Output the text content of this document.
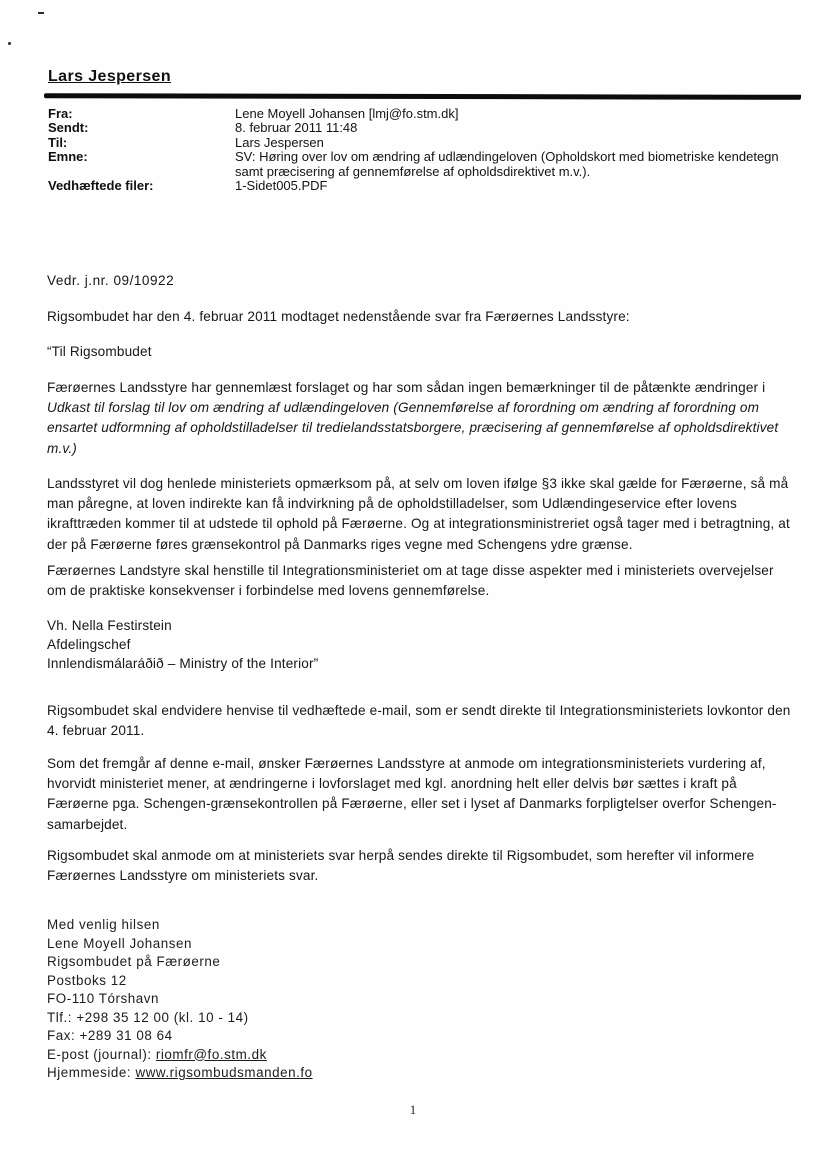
Lars Jespersen
Fra:	Lene Moyell Johansen [lmj@fo.stm.dk]
Sendt:	8. februar 2011 11:48
Til:	Lars Jespersen
Emne:	SV: Høring over lov om ændring af udlændingeloven (Opholdskort med biometriske kendetegn samt præcisering af gennemførelse af opholdsdirektivet m.v.).
Vedhæftede filer:	1-Sidet005.PDF

Vedr. j.nr. 09/10922

Rigsombudet har den 4. februar 2011 modtaget nedenstående svar fra Færøernes Landsstyre:

“Til Rigsombudet

Færøernes Landsstyre har gennemlæst forslaget og har som sådan ingen bemærkninger til de påtænkte ændringer i Udkast til forslag til lov om ændring af udlændingeloven (Gennemførelse af forordning om ændring af forordning om ensartet udformning af opholdstilladelser til tredielandsstatsborgere, præcisering af gennemførelse af opholdsdirektivet m.v.)

Landsstyret vil dog henlede ministeriets opmærksom på, at selv om loven ifølge §3 ikke skal gælde for Færøerne, så må man påregne, at loven indirekte kan få indvirkning på de opholdstilladelser, som Udlændingeservice efter lovens ikrafttræden kommer til at udstede til ophold på Færøerne. Og at integrationsministreriet også tager med i betragtning, at der på Færøerne føres grænsekontrol på Danmarks riges vegne med Schengens ydre grænse.

Færøernes Landstyre skal henstille til Integrationsministeriet om at tage disse aspekter med i ministeriets overvejelser om de praktiske konsekvenser i forbindelse med lovens gennemførelse.

Vh. Nella Festirstein
Afdelingschef
Innlendismálaráðið – Ministry of the Interior”

Rigsombudet skal endvidere henvise til vedhæftede e-mail, som er sendt direkte til Integrationsministeriets lovkontor den 4. februar 2011.

Som det fremgår af denne e-mail, ønsker Færøernes Landsstyre at anmode om integrationsministeriets vurdering af, hvorvidt ministeriet mener, at ændringerne i lovforslaget med kgl. anordning helt eller delvis bør sættes i kraft på Færøerne pga. Schengen-grænsekontrollen på Færøerne, eller set i lyset af Danmarks forpligtelser overfor Schengen-samarbejdet.

Rigsombudet skal anmode om at ministeriets svar herpå sendes direkte til Rigsombudet, som herefter vil informere Færøernes Landsstyre om ministeriets svar.

Med venlig hilsen
Lene Moyell Johansen
Rigsombudet på Færøerne
Postboks 12
FO-110 Tórshavn
Tlf.: +298 35 12 00 (kl. 10 - 14)
Fax: +289 31 08 64
E-post (journal): riomfr@fo.stm.dk
Hjemmeside: www.rigsombudsmanden.fo
1
